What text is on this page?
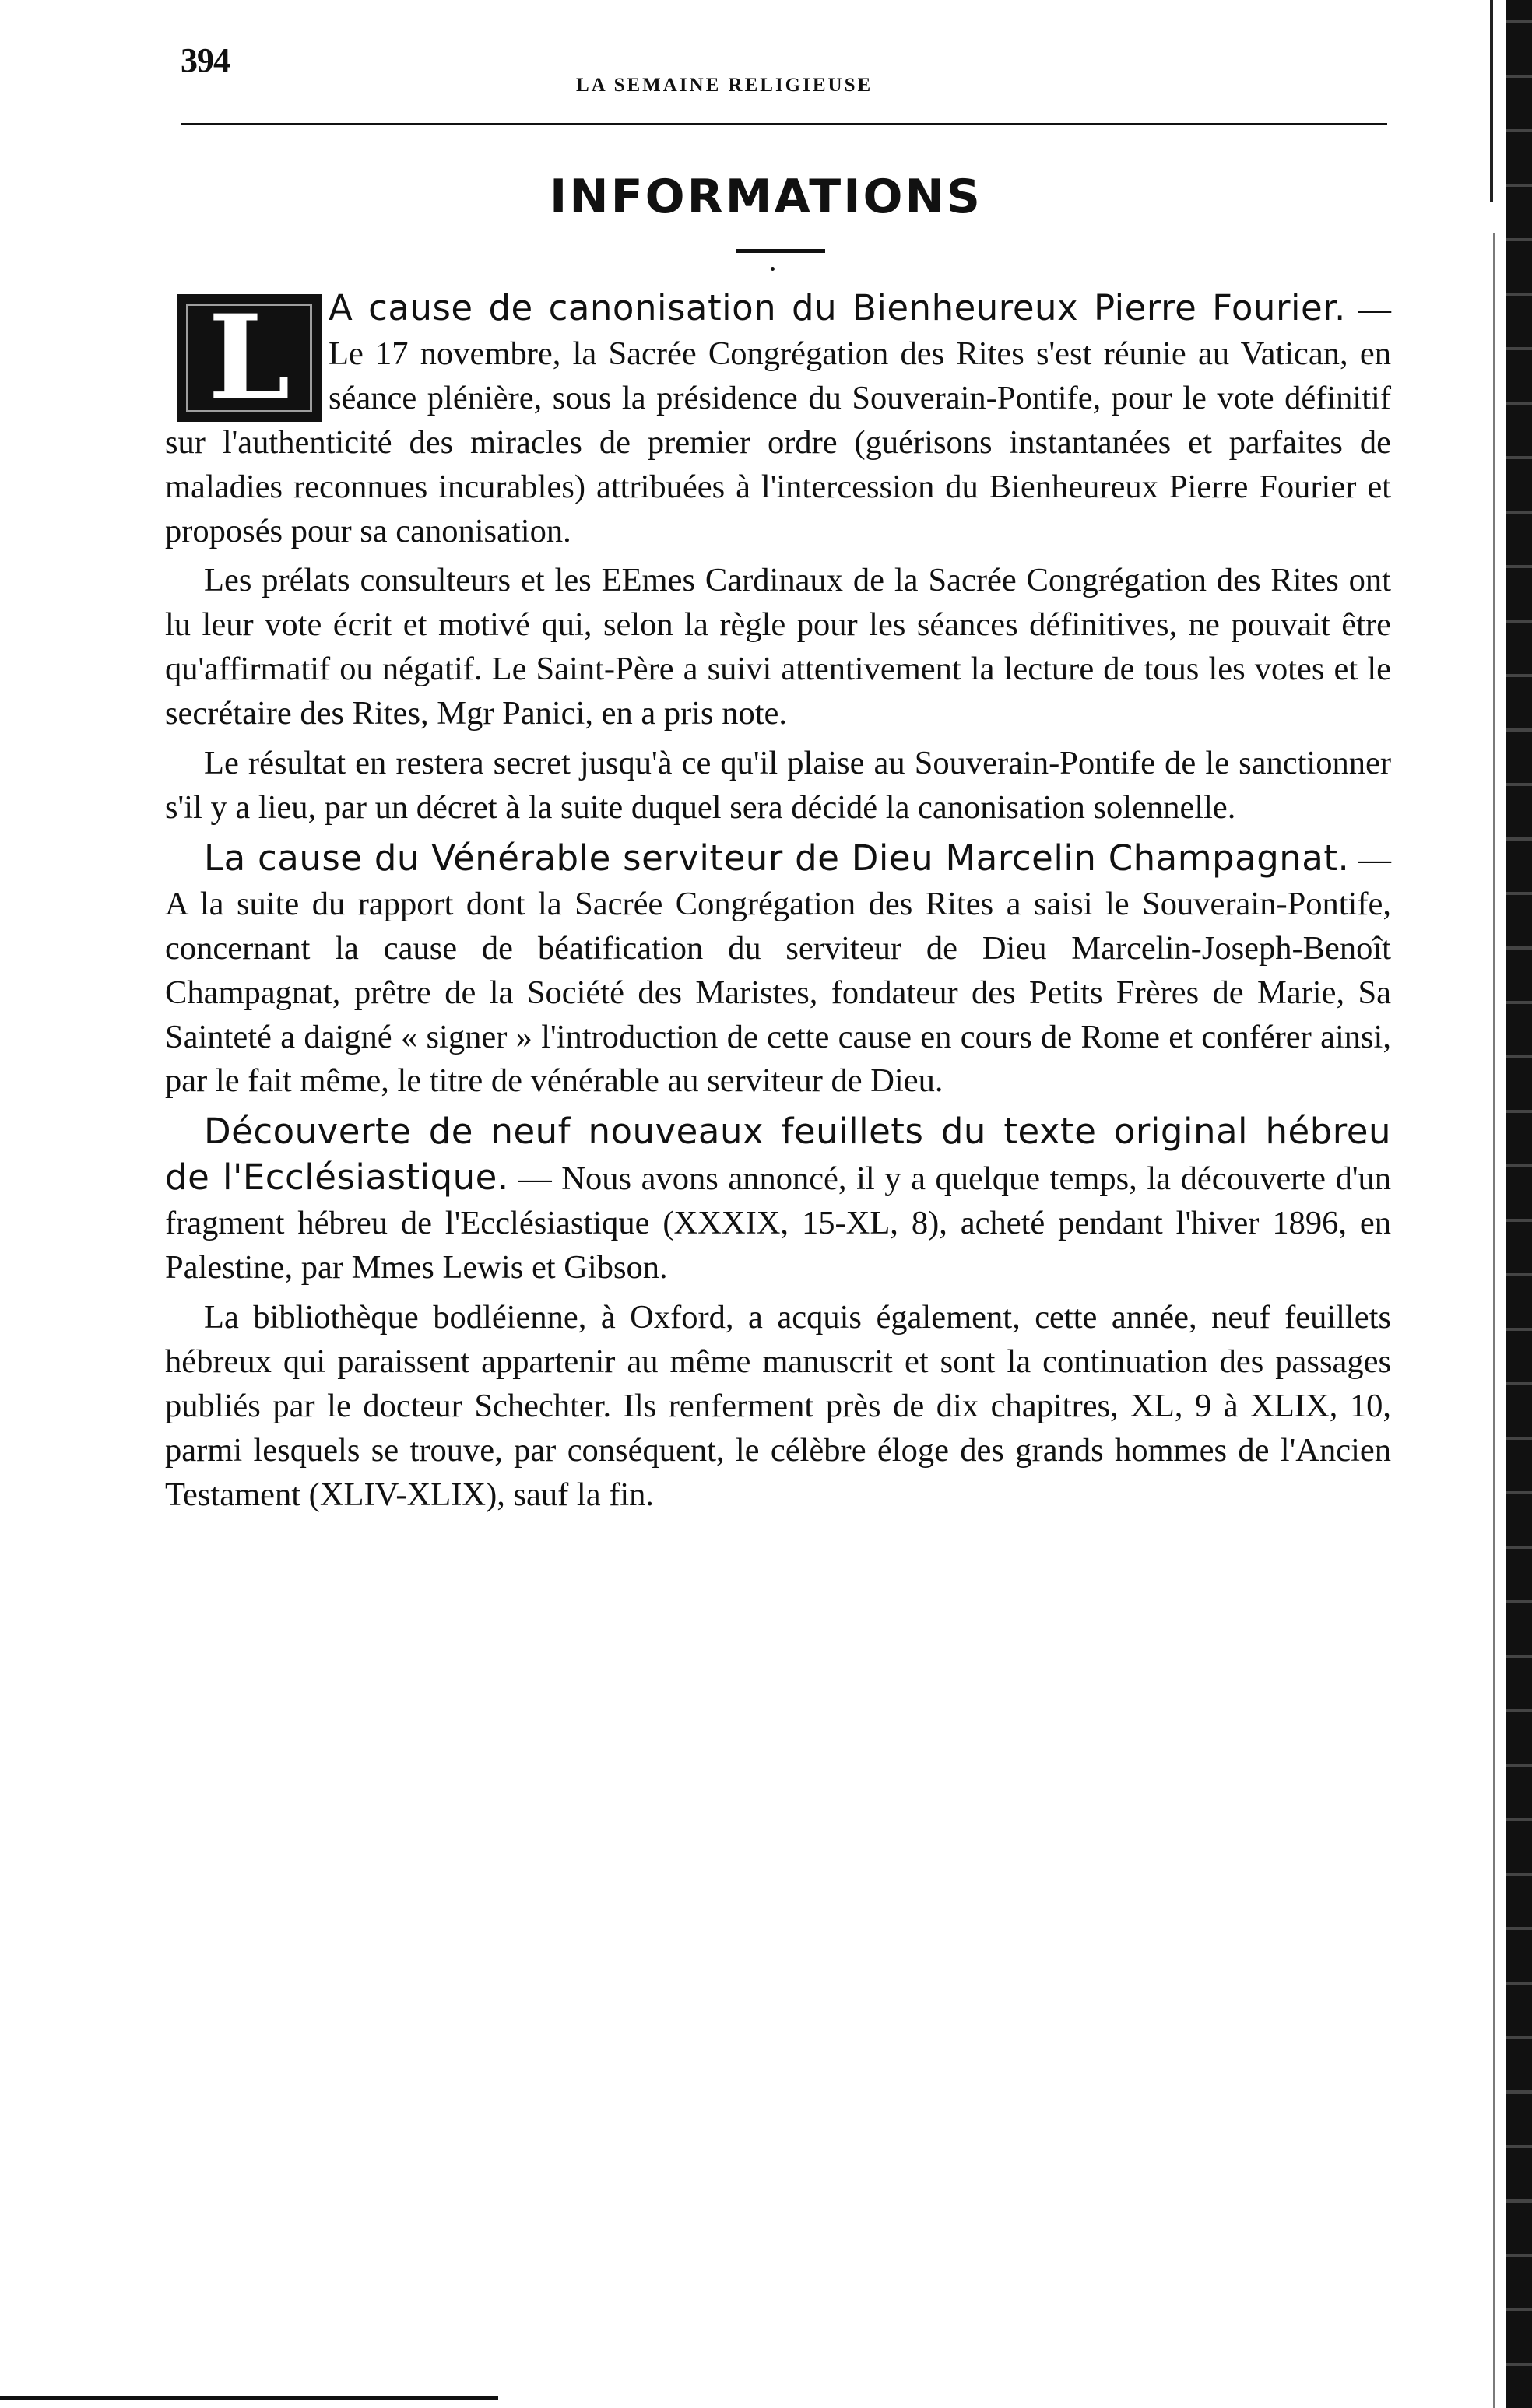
394
LA SEMAINE RELIGIEUSE
INFORMATIONS
L	A cause de canonisation du Bienheureux Pierre Fourier. — Le 17 novembre, la Sacrée Congrégation des Rites s'est réunie au Vatican, en séance plénière, sous la présidence du Souverain-Pontife, pour le vote définitif sur l'authenticité des miracles de premier ordre (guérisons instantanées et parfaites de maladies reconnues incurables) attribuées à l'intercession du Bienheureux Pierre Fourier et proposés pour sa canonisation.

Les prélats consulteurs et les EEmes Cardinaux de la Sacrée Congrégation des Rites ont lu leur vote écrit et motivé qui, selon la règle pour les séances définitives, ne pouvait être qu'affirmatif ou négatif. Le Saint-Père a suivi attentivement la lecture de tous les votes et le secrétaire des Rites, Mgr Panici, en a pris note.

Le résultat en restera secret jusqu'à ce qu'il plaise au Souverain-Pontife de le sanctionner s'il y a lieu, par un décret à la suite duquel sera décidé la canonisation solennelle.

La cause du Vénérable serviteur de Dieu Marcelin Champagnat. — A la suite du rapport dont la Sacrée Congrégation des Rites a saisi le Souverain-Pontife, concernant la cause de béatification du serviteur de Dieu Marcelin-Joseph-Benoît Champagnat, prêtre de la Société des Maristes, fondateur des Petits Frères de Marie, Sa Sainteté a daigné « signer » l'introduction de cette cause en cours de Rome et conférer ainsi, par le fait même, le titre de vénérable au serviteur de Dieu.

Découverte de neuf nouveaux feuillets du texte original hébreu de l'Ecclésiastique. — Nous avons annoncé, il y a quelque temps, la découverte d'un fragment hébreu de l'Ecclésiastique (XXXIX, 15-XL, 8), acheté pendant l'hiver 1896, en Palestine, par Mmes Lewis et Gibson.

La bibliothèque bodléienne, à Oxford, a acquis également, cette année, neuf feuillets hébreux qui paraissent appartenir au même manuscrit et sont la continuation des passages publiés par le docteur Schechter. Ils renferment près de dix chapitres, XL, 9 à XLIX, 10, parmi lesquels se trouve, par conséquent, le célèbre éloge des grands hommes de l'Ancien Testament (XLIV-XLIX), sauf la fin.
